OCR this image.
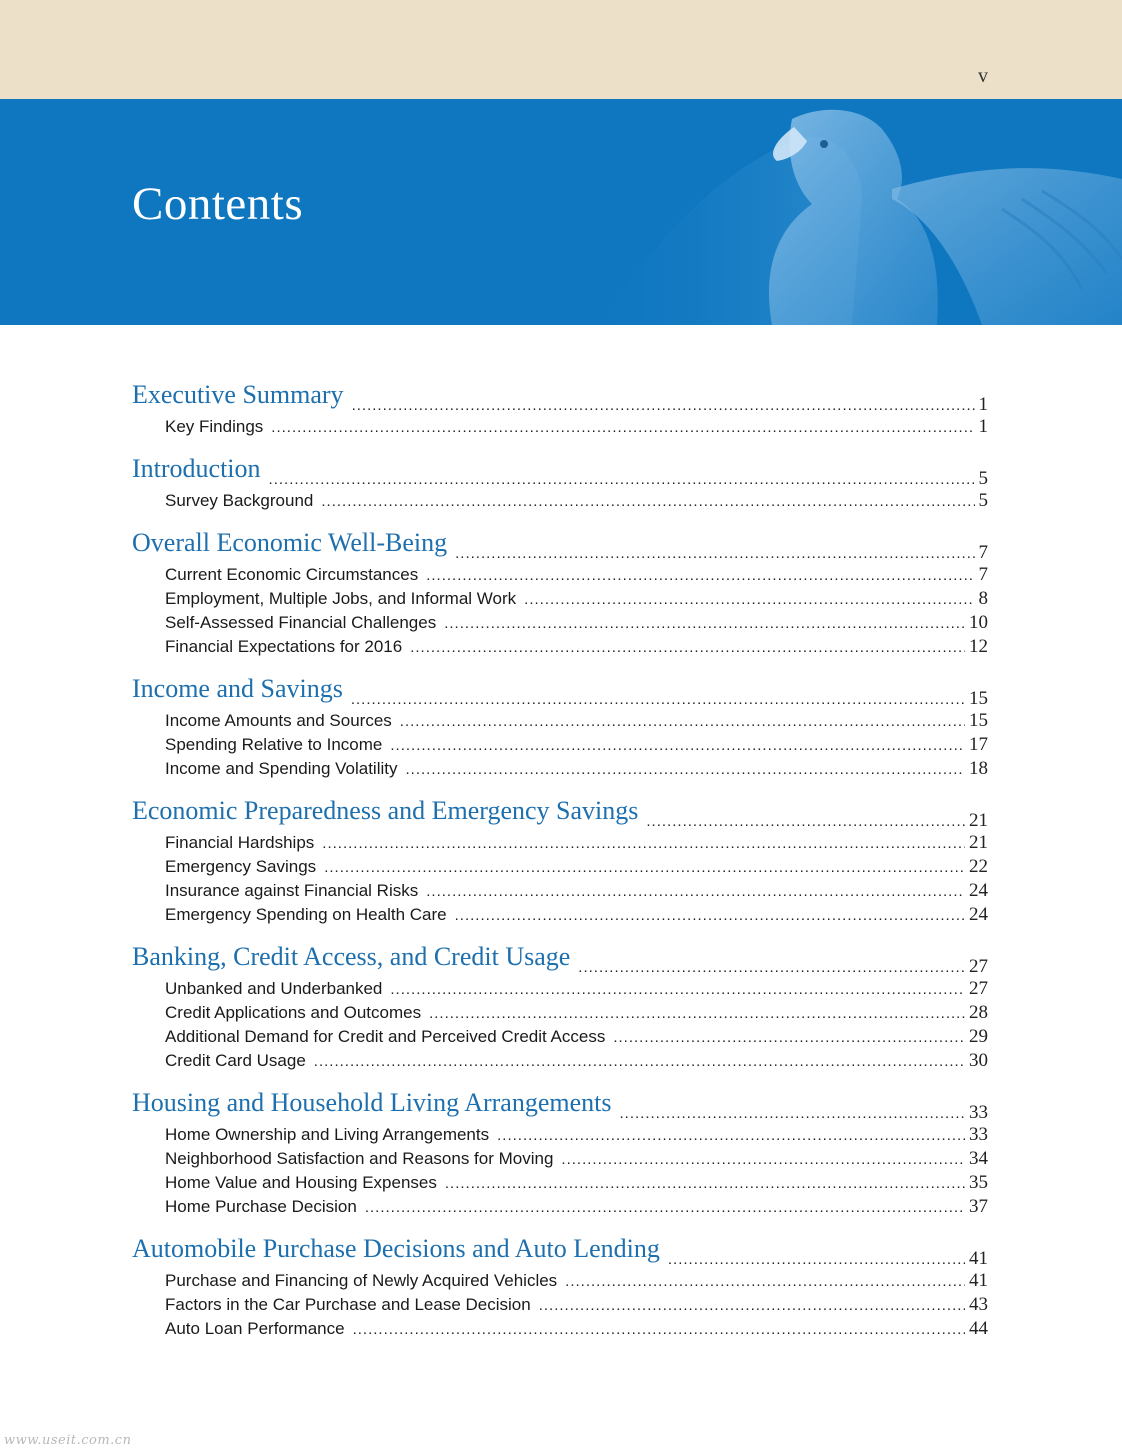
v
Contents
Executive Summary .....	1
Key Findings .....	1
Introduction .....	5
Survey Background .....	5
Overall Economic Well-Being .....	7
Current Economic Circumstances .....	7
Employment, Multiple Jobs, and Informal Work .....	8
Self-Assessed Financial Challenges .....	10
Financial Expectations for 2016 .....	12
Income and Savings .....	15
Income Amounts and Sources .....	15
Spending Relative to Income .....	17
Income and Spending Volatility .....	18
Economic Preparedness and Emergency Savings .....	21
Financial Hardships .....	21
Emergency Savings .....	22
Insurance against Financial Risks .....	24
Emergency Spending on Health Care .....	24
Banking, Credit Access, and Credit Usage .....	27
Unbanked and Underbanked .....	27
Credit Applications and Outcomes .....	28
Additional Demand for Credit and Perceived Credit Access .....	29
Credit Card Usage .....	30
Housing and Household Living Arrangements .....	33
Home Ownership and Living Arrangements .....	33
Neighborhood Satisfaction and Reasons for Moving .....	34
Home Value and Housing Expenses .....	35
Home Purchase Decision .....	37
Automobile Purchase Decisions and Auto Lending .....	41
Purchase and Financing of Newly Acquired Vehicles .....	41
Factors in the Car Purchase and Lease Decision .....	43
Auto Loan Performance .....	44
www.useit.com.cn
